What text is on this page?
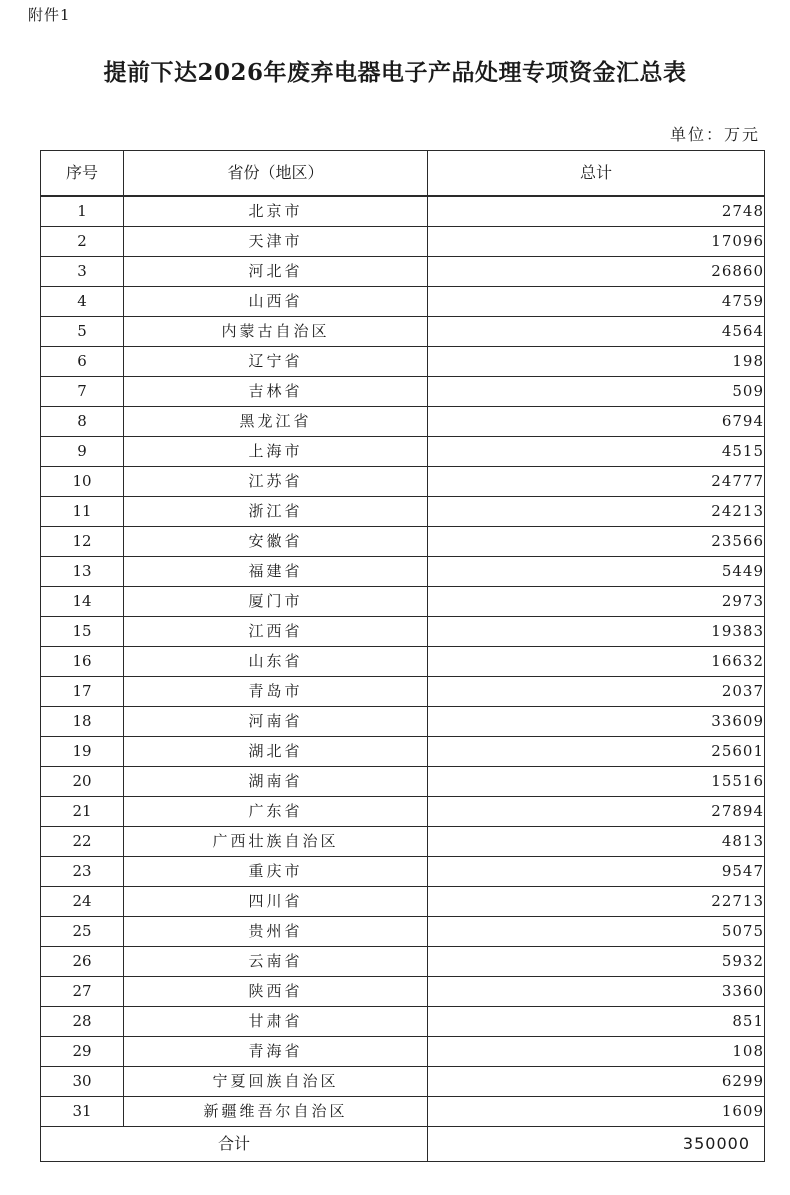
附件1
提前下达2026年废弃电器电子产品处理专项资金汇总表
单位：万元
序号	省份（地区）	总计
1	北京市	2748
2	天津市	17096
3	河北省	26860
4	山西省	4759
5	内蒙古自治区	4564
6	辽宁省	198
7	吉林省	509
8	黑龙江省	6794
9	上海市	4515
10	江苏省	24777
11	浙江省	24213
12	安徽省	23566
13	福建省	5449
14	厦门市	2973
15	江西省	19383
16	山东省	16632
17	青岛市	2037
18	河南省	33609
19	湖北省	25601
20	湖南省	15516
21	广东省	27894
22	广西壮族自治区	4813
23	重庆市	9547
24	四川省	22713
25	贵州省	5075
26	云南省	5932
27	陕西省	3360
28	甘肃省	851
29	青海省	108
30	宁夏回族自治区	6299
31	新疆维吾尔自治区	1609
合计		350000
